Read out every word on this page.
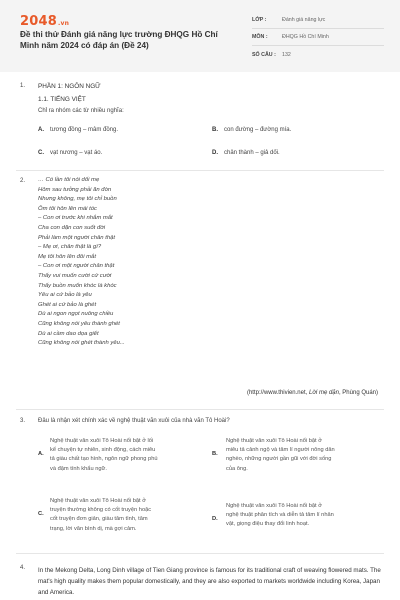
2048.vn
Đề thi thử Đánh giá năng lực trường ĐHQG Hồ Chí Minh năm 2024 có đáp án (Đề 24)
LỚP :	Đánh giá năng lực
MÔN :	ĐHQG Hồ Chí Minh
SỐ CÂU :	132
1. PHẦN 1: NGÔN NGỮ
1.1. TIẾNG VIỆT
Chỉ ra nhóm các từ nhiều nghĩa:
A. tương đồng – mâm đồng.	B. con đường – đường mía.
C. vạt nương – vạt áo.	D. chân thành – giả dối.
2. … Có lần tôi nói dối mẹ
Hôm sau tưởng phải ăn đòn
Nhưng không, mẹ tôi chỉ buồn
Ôm tôi hôn lên mái tóc
– Con ơi trước khi nhắm mắt
Cha con dặn con suốt đời
Phải làm một người chân thật
– Mẹ ơi, chân thật là gì?
Mẹ tôi hôn lên đôi mắt
– Con ơi một người chân thật
Thấy vui muốn cười cứ cười
Thấy buồn muốn khóc là khóc
Yêu ai cứ bảo là yêu
Ghét ai cứ bảo là ghét
Dù ai ngon ngọt nuông chiều
Cũng không nói yêu thành ghét
Dù ai cầm dao dọa giết
Cũng không nói ghét thành yêu...
(http://www.thivien.net, Lời mẹ dặn, Phùng Quán)
3. Đâu là nhận xét chính xác về nghệ thuật văn xuôi của nhà văn Tô Hoài?
A.
Nghệ thuật văn xuôi Tô Hoài nổi bật ở lối
kể chuyện tự nhiên, sinh động, cách miêu
tả giàu chất tạo hình, ngôn ngữ phong phú
và đậm tính khẩu ngữ.
B.
Nghệ thuật văn xuôi Tô Hoài nổi bật ở
miêu tả cảnh ngộ và tâm lí người nông dân
nghèo, những người gần gũi với đời sống
của ông.
C.
Nghệ thuật văn xuôi Tô Hoài nổi bật ở
truyện thường không có cốt truyện hoặc
cốt truyện đơn giản, giàu tâm tình, tâm
trạng, lời văn bình dị, mà gợi cảm.
D.
Nghệ thuật văn xuôi Tô Hoài nổi bật ở
nghệ thuật phân tích và diễn tả tâm lí nhân
vật, giọng điệu thay đổi linh hoạt.
4. In the Mekong Delta, Long Dinh village of Tien Giang province is famous for its traditional craft of weaving flowered mats. The mat's high quality makes them popular domestically, and they are also exported to markets worldwide including Korea, Japan and America.
